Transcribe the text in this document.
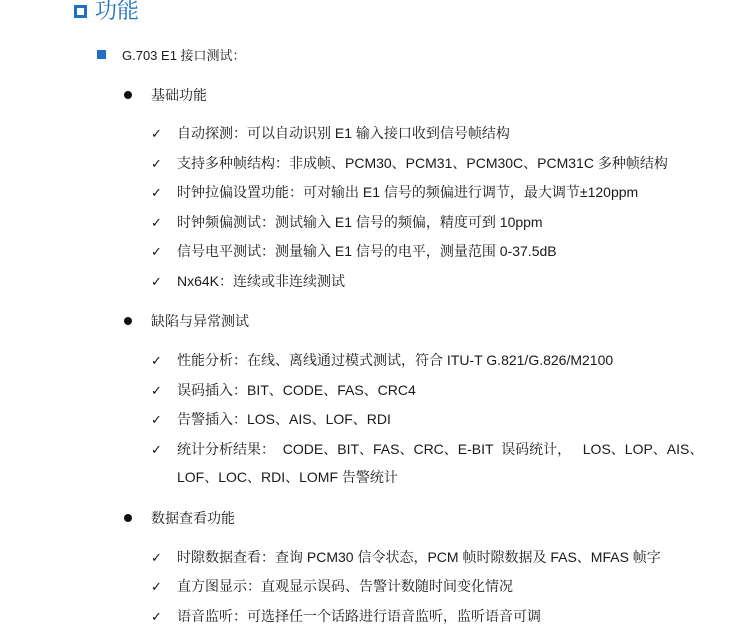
功能
G.703 E1 接口测试：
基础功能
✓ 自动探测：可以自动识别 E1 输入接口收到信号帧结构
✓ 支持多种帧结构：非成帧、PCM30、PCM31、PCM30C、PCM31C 多种帧结构
✓ 时钟拉偏设置功能：可对输出 E1 信号的频偏进行调节，最大调节±120ppm
✓ 时钟频偏测试：测试输入 E1 信号的频偏，精度可到 10ppm
✓ 信号电平测试：测量输入 E1 信号的电平，测量范围 0-37.5dB
✓ Nx64K：连续或非连续测试
缺陷与异常测试
✓ 性能分析：在线、离线通过模式测试，符合 ITU-T G.821/G.826/M2100
✓ 误码插入：BIT、CODE、FAS、CRC4
✓ 告警插入：LOS、AIS、LOF、RDI
✓ 统计分析结果：  CODE、BIT、FAS、CRC、E-BIT  误码统计，   LOS、LOP、AIS、
LOF、LOC、RDI、LOMF 告警统计
数据查看功能
✓ 时隙数据查看：查询 PCM30 信令状态，PCM 帧时隙数据及 FAS、MFAS 帧字
✓ 直方图显示：直观显示误码、告警计数随时间变化情况
✓ 语音监听：可选择任一个话路进行语音监听，监听语音可调
